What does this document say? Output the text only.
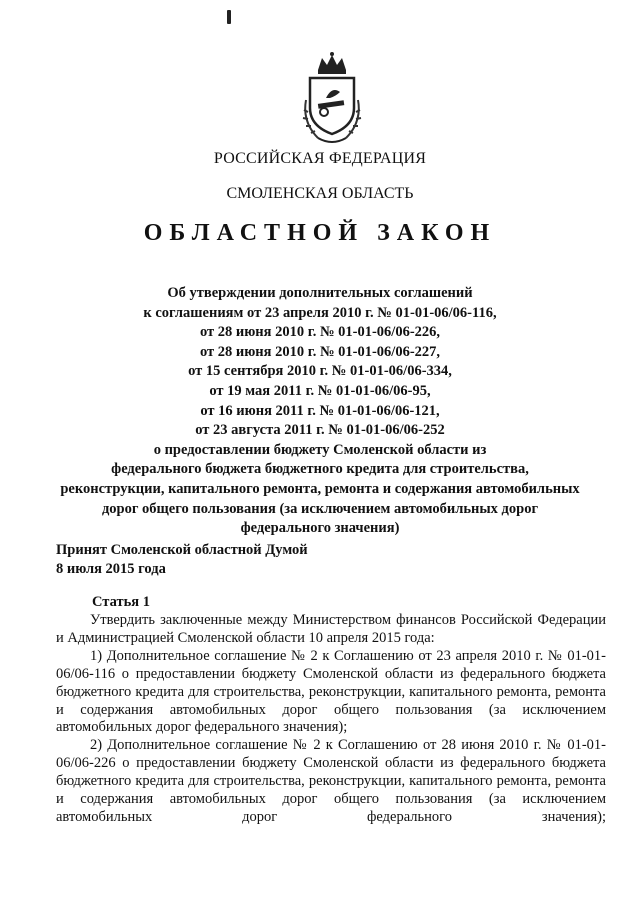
РОССИЙСКАЯ ФЕДЕРАЦИЯ
СМОЛЕНСКАЯ ОБЛАСТЬ
ОБЛАСТНОЙ ЗАКОН
Об утверждении дополнительных соглашений
к соглашениям от 23 апреля 2010 г. № 01-01-06/06-116,
от 28 июня 2010 г. № 01-01-06/06-226,
от 28 июня 2010 г. № 01-01-06/06-227,
от 15 сентября 2010 г. № 01-01-06/06-334,
от 19 мая 2011 г. № 01-01-06/06-95,
от 16 июня 2011 г. № 01-01-06/06-121,
от 23 августа 2011 г. № 01-01-06/06-252
о предоставлении бюджету Смоленской области из
федерального бюджета бюджетного кредита для строительства,
реконструкции, капитального ремонта, ремонта и содержания автомобильных
дорог общего пользования (за исключением автомобильных дорог
федерального значения)
Принят Смоленской областной Думой
8 июля 2015 года
Статья 1

Утвердить заключенные между Министерством финансов Российской Федерации и Администрацией Смоленской области 10 апреля 2015 года:

1) Дополнительное соглашение № 2 к Соглашению от 23 апреля 2010 г. № 01-01-06/06-116 о предоставлении бюджету Смоленской области из федерального бюджета бюджетного кредита для строительства, реконструкции, капитального ремонта, ремонта и содержания автомобильных дорог общего пользования (за исключением автомобильных дорог федерального значения);

2) Дополнительное соглашение № 2 к Соглашению от 28 июня 2010 г. № 01-01-06/06-226 о предоставлении бюджету Смоленской области из федерального бюджета бюджетного кредита для строительства, реконструкции, капитального ремонта, ремонта и содержания автомобильных дорог общего пользования (за исключением автомобильных дорог федерального значения);
